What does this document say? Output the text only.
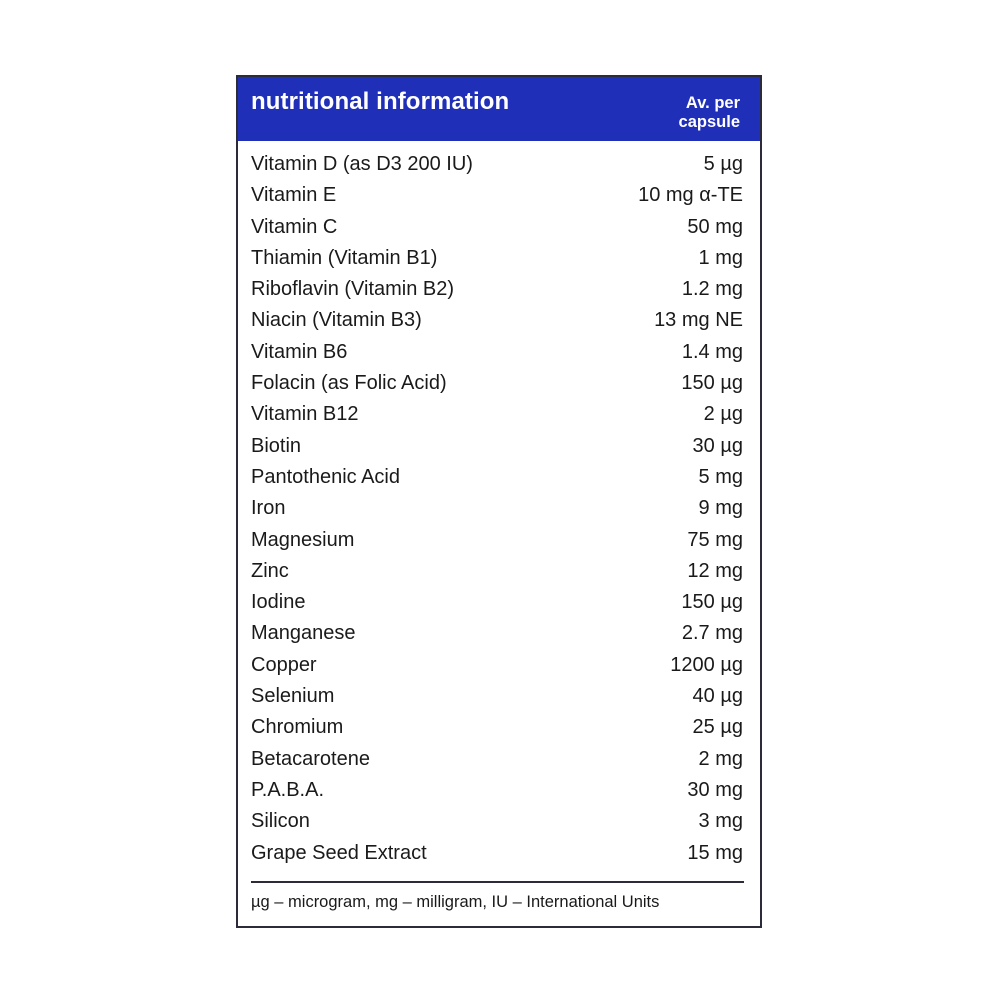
nutritional information	Av. per
capsule
Vitamin D (as D3 200 IU)	5 µg
Vitamin E	10 mg α-TE
Vitamin C	50 mg
Thiamin (Vitamin B1)	1 mg
Riboflavin (Vitamin B2)	1.2 mg
Niacin (Vitamin B3)	13 mg NE
Vitamin B6	1.4 mg
Folacin (as Folic Acid)	150 µg
Vitamin B12	2 µg
Biotin	30 µg
Pantothenic Acid	5 mg
Iron	9 mg
Magnesium	75 mg
Zinc	12 mg
Iodine	150 µg
Manganese	2.7 mg
Copper	1200 µg
Selenium	40 µg
Chromium	25 µg
Betacarotene	2 mg
P.A.B.A.	30 mg
Silicon	3 mg
Grape Seed Extract	15 mg
µg – microgram, mg – milligram, IU – International Units
